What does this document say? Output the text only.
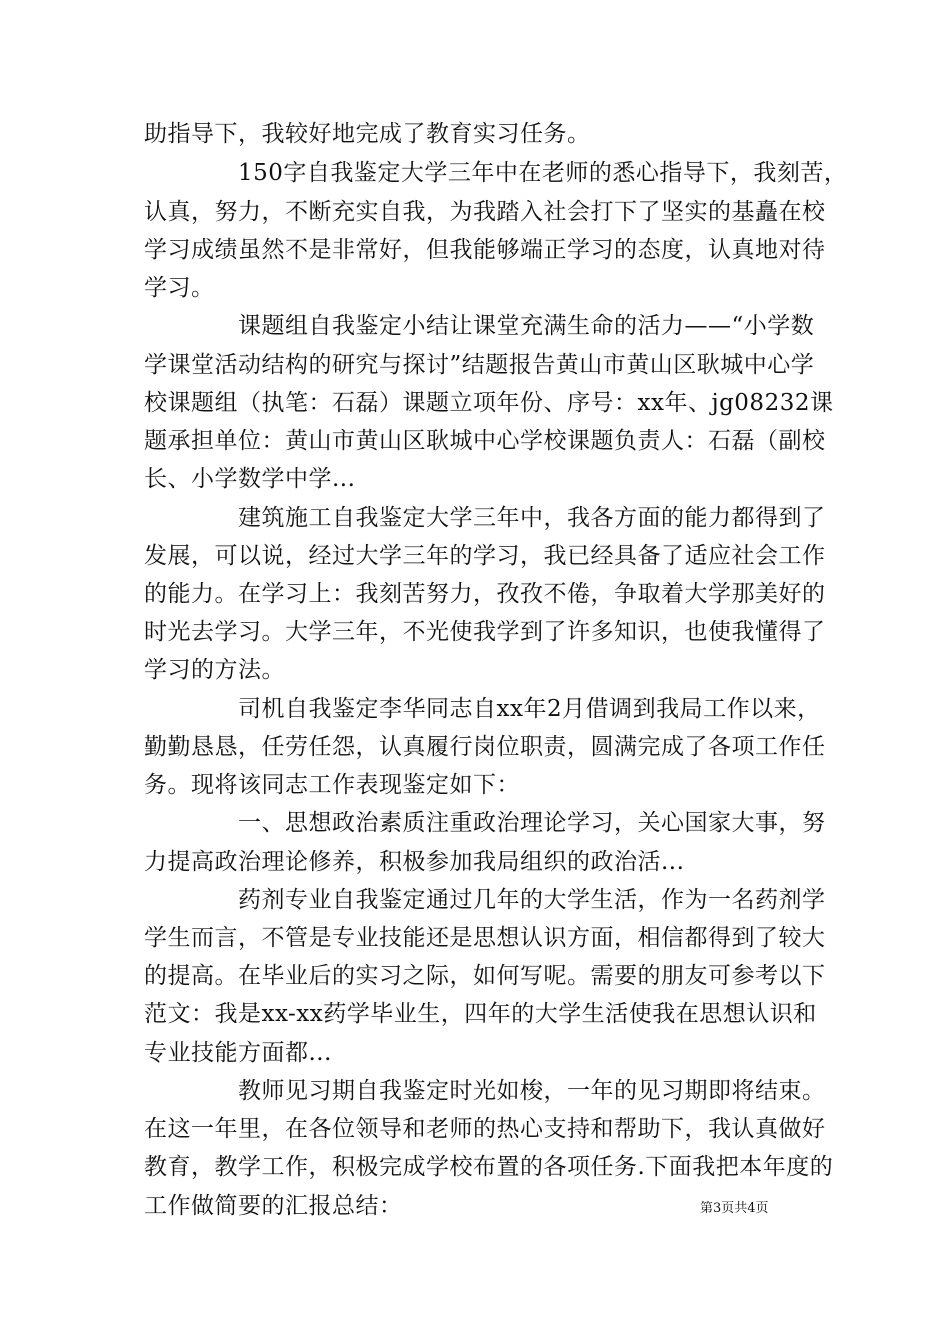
助指导下，我较好地完成了教育实习任务。
　　　　150字自我鉴定大学三年中在老师的悉心指导下，我刻苦，
认真，努力，不断充实自我，为我踏入社会打下了坚实的基矗在校
学习成绩虽然不是非常好，但我能够端正学习的态度，认真地对待
学习。
　　　　课题组自我鉴定小结让课堂充满生命的活力——“小学数
学课堂活动结构的研究与探讨”结题报告黄山市黄山区耿城中心学
校课题组（执笔：石磊）课题立项年份、序号：xx年、jg08232课
题承担单位：黄山市黄山区耿城中心学校课题负责人：石磊（副校
长、小学数学中学...
　　　　建筑施工自我鉴定大学三年中，我各方面的能力都得到了
发展，可以说，经过大学三年的学习，我已经具备了适应社会工作
的能力。在学习上：我刻苦努力，孜孜不倦，争取着大学那美好的
时光去学习。大学三年，不光使我学到了许多知识，也使我懂得了
学习的方法。
　　　　司机自我鉴定李华同志自xx年2月借调到我局工作以来，
勤勤恳恳，任劳任怨，认真履行岗位职责，圆满完成了各项工作任
务。现将该同志工作表现鉴定如下：
　　　　一、思想政治素质注重政治理论学习，关心国家大事，努
力提高政治理论修养，积极参加我局组织的政治活...
　　　　药剂专业自我鉴定通过几年的大学生活，作为一名药剂学
学生而言，不管是专业技能还是思想认识方面，相信都得到了较大
的提高。在毕业后的实习之际，如何写呢。需要的朋友可参考以下
范文：我是xx-xx药学毕业生，四年的大学生活使我在思想认识和
专业技能方面都...
　　　　教师见习期自我鉴定时光如梭，一年的见习期即将结束。
在这一年里，在各位领导和老师的热心支持和帮助下，我认真做好
教育，教学工作，积极完成学校布置的各项任务.下面我把本年度的
工作做简要的汇报总结：	第3页共4页
